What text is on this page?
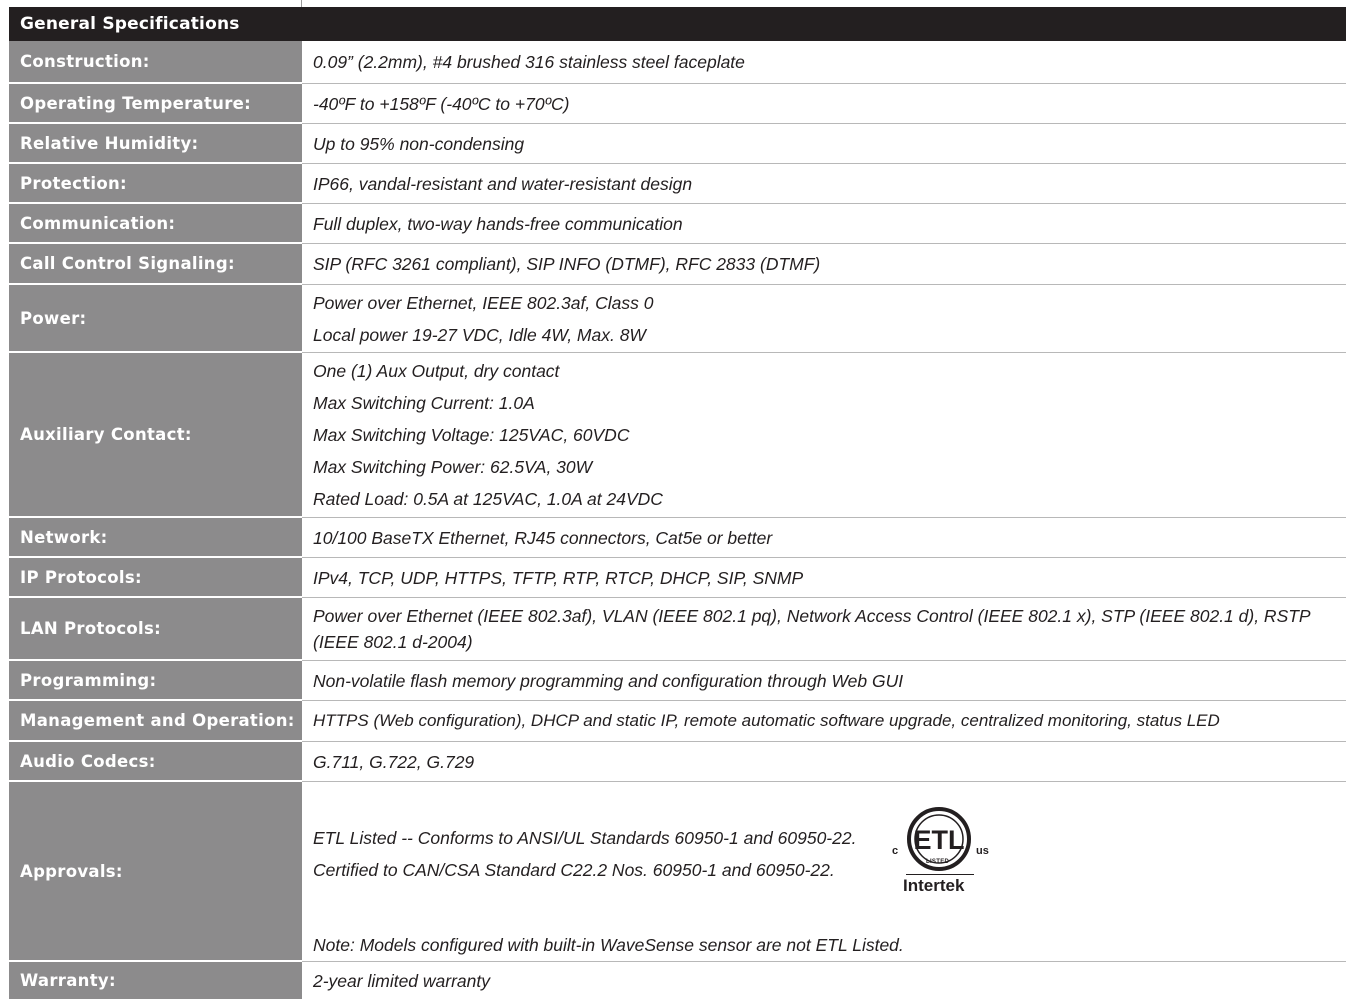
General Specifications
Construction:	0.09” (2.2mm), #4 brushed 316 stainless steel faceplate
Operating Temperature:	-40ºF to +158ºF (-40ºC to +70ºC)
Relative Humidity:	Up to 95% non-condensing
Protection:	IP66, vandal-resistant and water-resistant design
Communication:	Full duplex, two-way hands-free communication
Call Control Signaling:	SIP (RFC 3261 compliant), SIP INFO (DTMF), RFC 2833 (DTMF)
Power:
Power over Ethernet, IEEE 802.3af, Class 0
Local power 19-27 VDC, Idle 4W, Max. 8W
Auxiliary Contact:
One (1) Aux Output, dry contact
Max Switching Current: 1.0A
Max Switching Voltage: 125VAC, 60VDC
Max Switching Power: 62.5VA, 30W
Rated Load: 0.5A at 125VAC, 1.0A at 24VDC
Network:	10/100 BaseTX Ethernet, RJ45 connectors, Cat5e or better
IP Protocols:	IPv4, TCP, UDP, HTTPS, TFTP, RTP, RTCP, DHCP, SIP, SNMP
LAN Protocols:
Power over Ethernet (IEEE 802.3af), VLAN (IEEE 802.1 pq), Network Access Control (IEEE 802.1 x), STP (IEEE 802.1 d), RSTP (IEEE 802.1 d-2004)
Programming:	Non-volatile flash memory programming and configuration through Web GUI
Management and Operation: HTTPS (Web configuration), DHCP and static IP, remote automatic software upgrade, centralized monitoring, status LED
Audio Codecs:	G.711, G.722, G.729
Approvals:
ETL Listed -- Conforms to ANSI/UL Standards 60950-1 and 60950-22.
Certified to CAN/CSA Standard C22.2 Nos. 60950-1 and 60950-22.
ETL
c	us
LISTED
Intertek
Note: Models configured with built-in WaveSense sensor are not ETL Listed.
Warranty:	2-year limited warranty
